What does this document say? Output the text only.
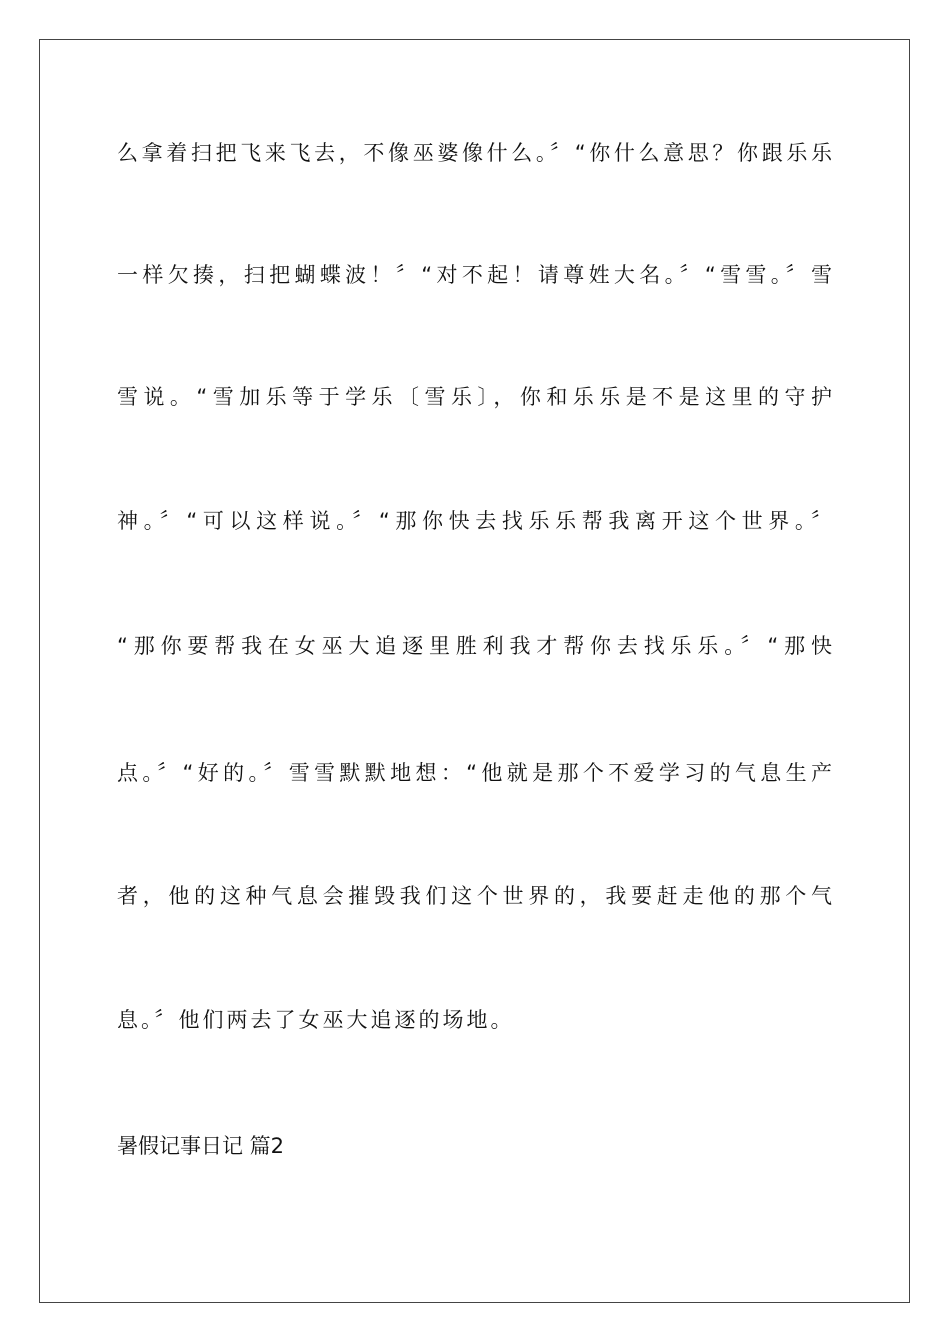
么拿着扫把飞来飞去，不像巫婆像什么。〞“你什么意思？你跟乐乐
一样欠揍，扫把蝴蝶波！〞“对不起！请尊姓大名。〞“雪雪。〞雪
雪说。“雪加乐等于学乐〔雪乐〕，你和乐乐是不是这里的守护
神。〞“可以这样说。〞“那你快去找乐乐帮我离开这个世界。〞
“那你要帮我在女巫大追逐里胜利我才帮你去找乐乐。〞“那快
点。〞“好的。〞雪雪默默地想：“他就是那个不爱学习的气息生产
者，他的这种气息会摧毁我们这个世界的，我要赶走他的那个气
息。〞他们两去了女巫大追逐的场地。
暑假记事日记 篇2
